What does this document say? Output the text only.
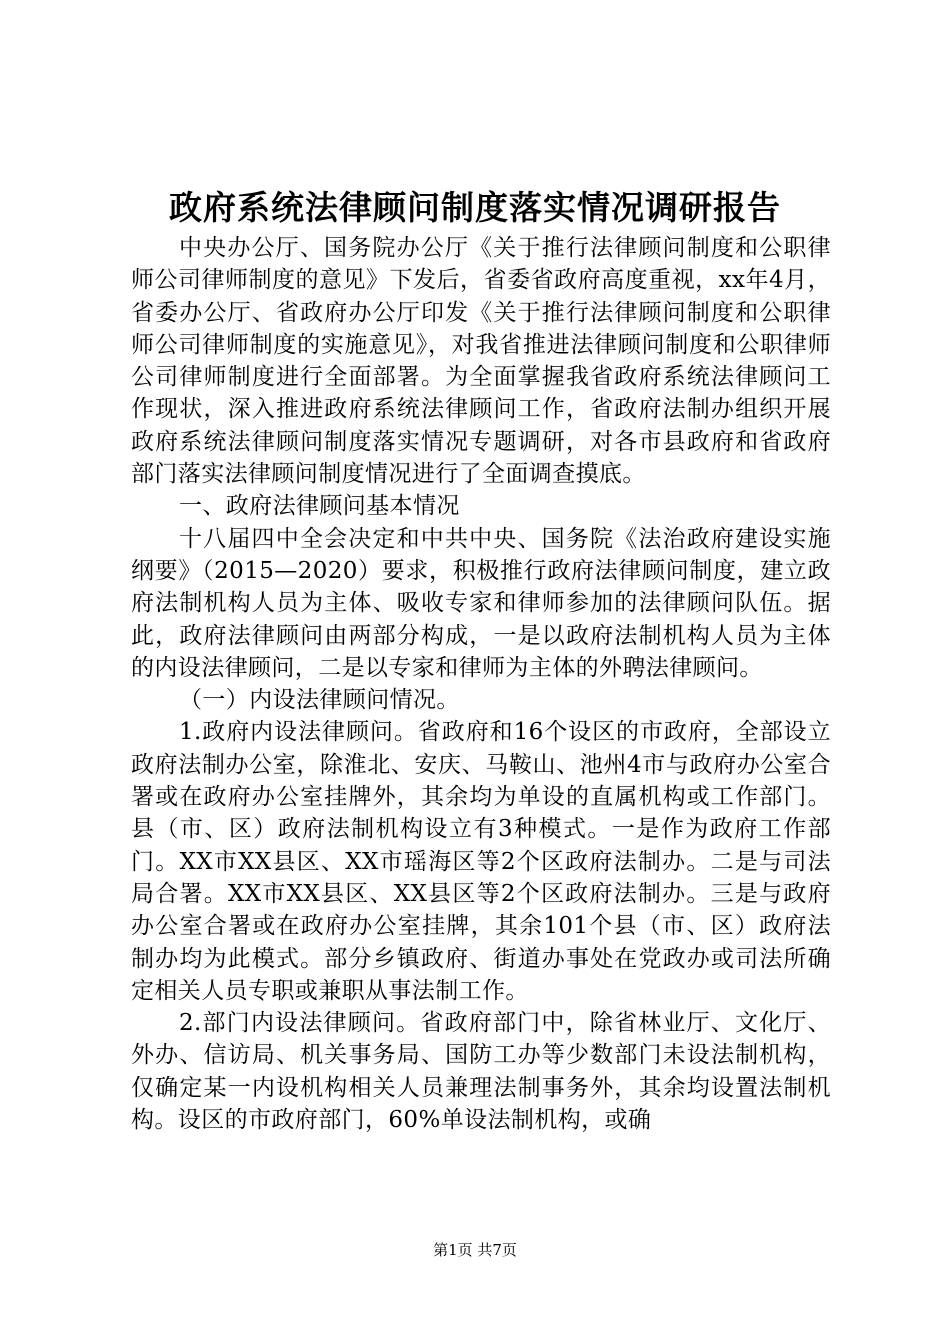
政府系统法律顾问制度落实情况调研报告

中央办公厅、国务院办公厅《关于推行法律顾问制度和公职律师公司律师制度的意见》下发后，省委省政府高度重视，xx年4月，省委办公厅、省政府办公厅印发《关于推行法律顾问制度和公职律师公司律师制度的实施意见》，对我省推进法律顾问制度和公职律师公司律师制度进行全面部署。为全面掌握我省政府系统法律顾问工作现状，深入推进政府系统法律顾问工作，省政府法制办组织开展政府系统法律顾问制度落实情况专题调研，对各市县政府和省政府部门落实法律顾问制度情况进行了全面调查摸底。

一、政府法律顾问基本情况

十八届四中全会决定和中共中央、国务院《法治政府建设实施纲要》（2015—2020）要求，积极推行政府法律顾问制度，建立政府法制机构人员为主体、吸收专家和律师参加的法律顾问队伍。据此，政府法律顾问由两部分构成，一是以政府法制机构人员为主体的内设法律顾问，二是以专家和律师为主体的外聘法律顾问。

（一）内设法律顾问情况。

1.政府内设法律顾问。省政府和16个设区的市政府，全部设立政府法制办公室，除淮北、安庆、马鞍山、池州4市与政府办公室合署或在政府办公室挂牌外，其余均为单设的直属机构或工作部门。县（市、区）政府法制机构设立有3种模式。一是作为政府工作部门。XX市XX县区、XX市瑶海区等2个区政府法制办。二是与司法局合署。XX市XX县区、XX县区等2个区政府法制办。三是与政府办公室合署或在政府办公室挂牌，其余101个县（市、区）政府法制办均为此模式。部分乡镇政府、街道办事处在党政办或司法所确定相关人员专职或兼职从事法制工作。

2.部门内设法律顾问。省政府部门中，除省林业厅、文化厅、外办、信访局、机关事务局、国防工办等少数部门未设法制机构，仅确定某一内设机构相关人员兼理法制事务外，其余均设置法制机构。设区的市政府部门，60%单设法制机构，或确

第1页 共7页
